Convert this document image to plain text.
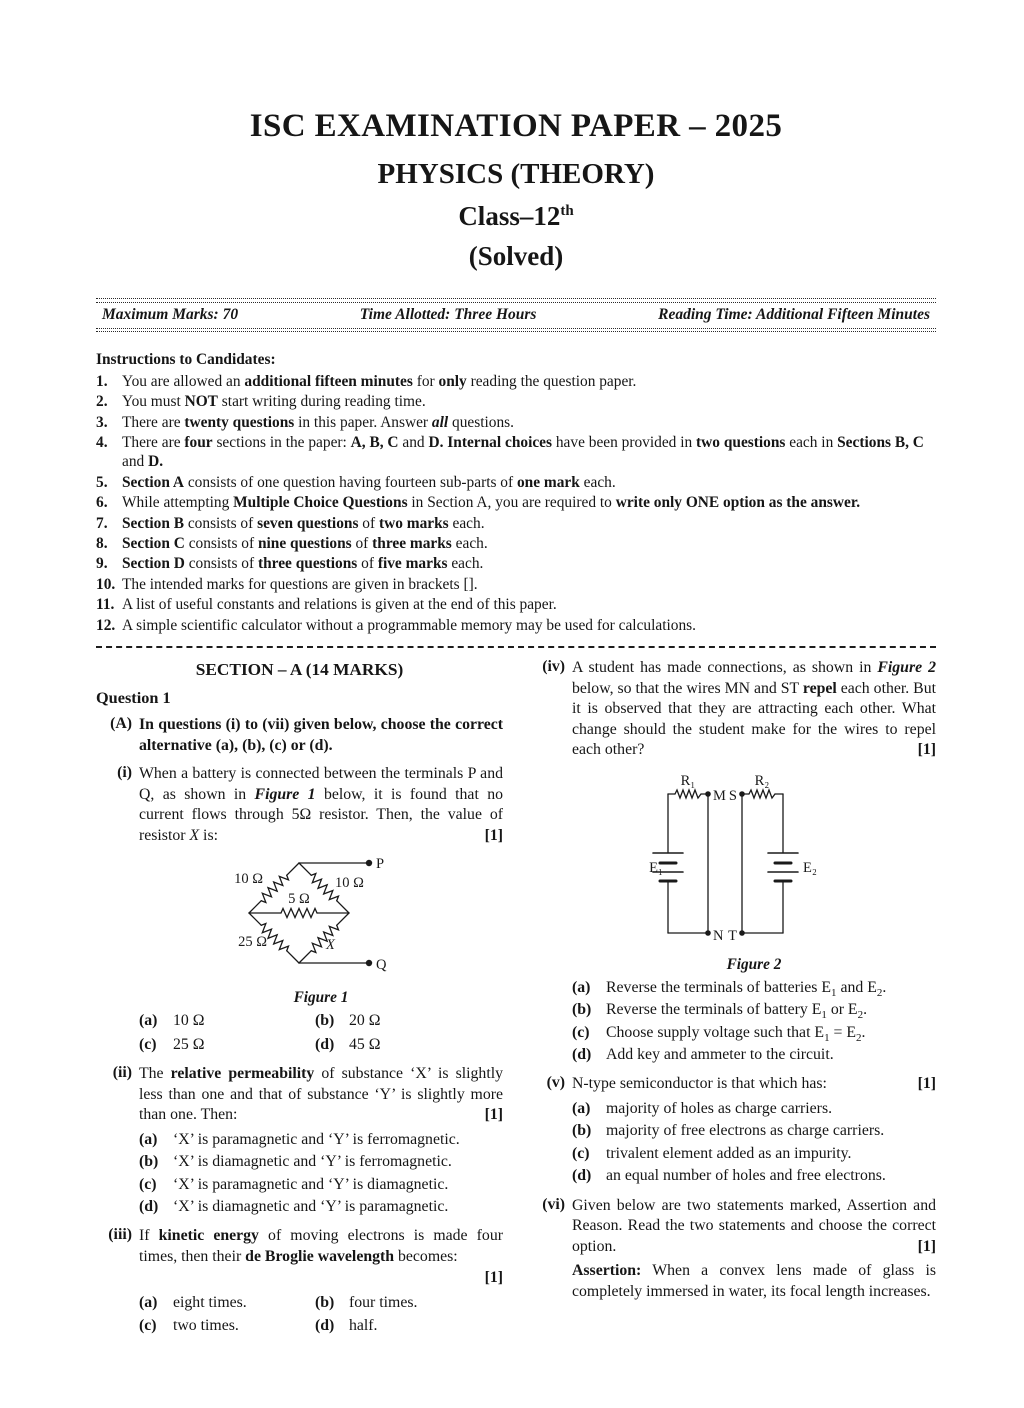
ISC EXAMINATION PAPER – 2025
PHYSICS (THEORY)
Class–12th
(Solved)
Maximum Marks: 70	Time Allotted: Three Hours	Reading Time: Additional Fifteen Minutes
Instructions to Candidates:
1. You are allowed an additional fifteen minutes for only reading the question paper.
2. You must NOT start writing during reading time.
3. There are twenty questions in this paper. Answer all questions.
4. There are four sections in the paper: A, B, C and D. Internal choices have been provided in two questions each in Sections B, C and D.
5. Section A consists of one question having fourteen sub-parts of one mark each.
6. While attempting Multiple Choice Questions in Section A, you are required to write only ONE option as the answer.
7. Section B consists of seven questions of two marks each.
8. Section C consists of nine questions of three marks each.
9. Section D consists of three questions of five marks each.
10. The intended marks for questions are given in brackets [].
11. A list of useful constants and relations is given at the end of this paper.
12. A simple scientific calculator without a programmable memory may be used for calculations.
SECTION – A (14 MARKS)
Question 1
(A) In questions (i) to (vii) given below, choose the correct alternative (a), (b), (c) or (d).
(i) When a battery is connected between the terminals P and Q, as shown in Figure 1 below, it is found that no current flows through 5Ω resistor. Then, the value of resistor X is:	[1]
10 Ω	10 Ω
5 Ω
25 Ω	X
P
Q
Figure 1
(a) 10 Ω	(b) 20 Ω
(c)	25 Ω	(d) 45 Ω
(ii) The relative permeability of substance ‘X’ is slightly less than one and that of substance ‘Y’ is slightly more than one. Then:	[1]
(a) ‘X’ is paramagnetic and ‘Y’ is ferromagnetic.
(b) ‘X’ is diamagnetic and ‘Y’ is ferromagnetic.
(c)	‘X’ is paramagnetic and ‘Y’ is diamagnetic.
(d) ‘X’ is diamagnetic and ‘Y’ is paramagnetic.
(iii) If kinetic energy of moving electrons is made four times, then their de Broglie wavelength becomes:
[1]
(a) eight times.	(b) four times.
(c)	two times.	(d) half.
(iv) A student has made connections, as shown in Figure 2 below, so that the wires MN and ST repel each other. But it is observed that they are attracting each other. What change should the student make for the wires to repel each other?	[1]
R₁	R₂
M S
N T
E₁	E₂
Figure 2
(a) Reverse the terminals of batteries $E_1$ and $E_2$.
(b) Reverse the terminals of battery $E_1$ or $E_2$.
(c)	Choose supply voltage such that $E_1 = E_2$.
(d) Add key and ammeter to the circuit.
(v) N-type semiconductor is that which has:	[1]
(a) majority of holes as charge carriers.
(b) majority of free electrons as charge carriers.
(c)	trivalent element added as an impurity.
(d) an equal number of holes and free electrons.
(vi) Given below are two statements marked, Assertion and Reason. Read the two statements and choose the correct option.	[1]
Assertion: When a convex lens made of glass is completely immersed in water, its focal length increases.
